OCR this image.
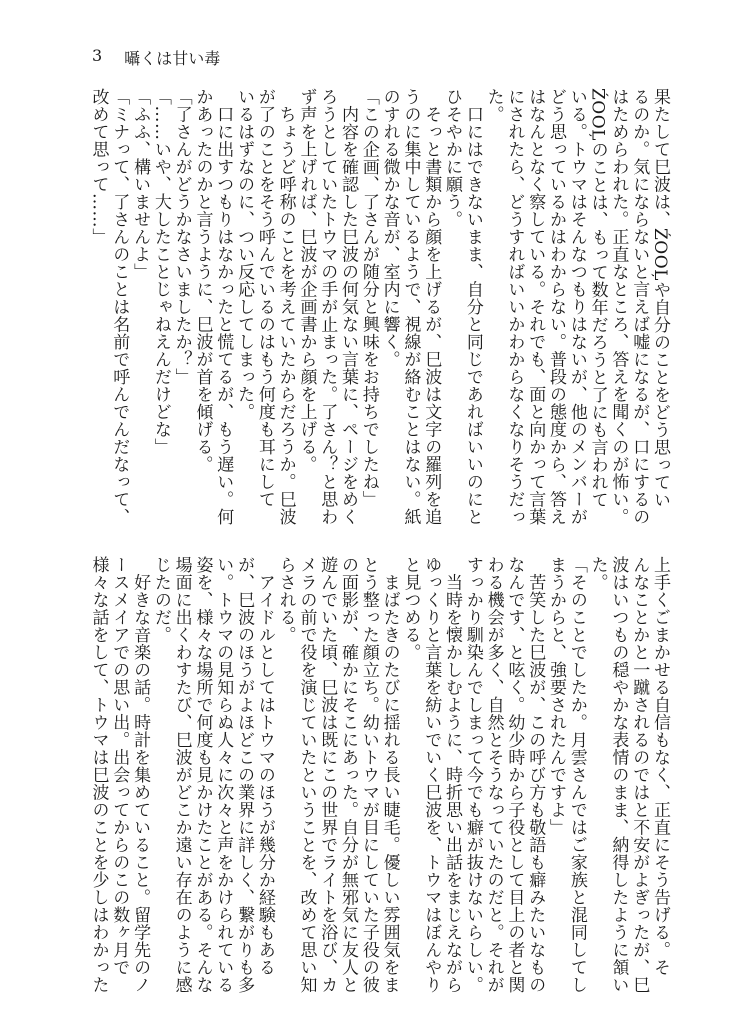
3 囁くは甘い毒
果たして巳波は、ŹOOĻや自分のことをどう思ってい
るのか。気にならないと言えば嘘になるが、口にするの
はためらわれた。正直なところ、答えを聞くのが怖い。
ŹOOĻのことは、もって数年だろうと了にも言われて
いる。トウマはそんなつもりはないが、他のメンバーが
どう思っているかはわからない。普段の態度から、答え
はなんとなく察している。それでも、面と向かって言葉
にされたら、どうすればいいかわからなくなりそうだっ
た。
　口にはできないまま、自分と同じであればいいのにと
ひそやかに願う。
　そっと書類から顔を上げるが、巳波は文字の羅列を追
うのに集中しているようで、視線が絡むことはない。紙
のすれる微かな音が、室内に響く。
「この企画、了さんが随分と興味をお持ちでしたね」
　内容を確認した巳波の何気ない言葉に、ページをめく
ろうとしていたトウマの手が止まった。了さん？と思わ
ず声を上げれば、巳波が企画書から顔を上げる。
　ちょうど呼称のことを考えていたからだろうか。巳波
が了のことをそう呼んでいるのはもう何度も耳にして
いるはずなのに、つい反応してしまった。
　口に出すつもりはなかったと慌てるが、もう遅い。何
かあったのかと言うように、巳波が首を傾げる。
「了さんがどうかなさいましたか？」
「……いや、大したことじゃねえんだけどな」
「ふふ、構いませんよ」
「ミナって、了さんのことは名前で呼んでんだなって、
改めて思って……」
上手くごまかせる自信もなく、正直にそう告げる。そ
んなことかと一蹴されるのではと不安がよぎったが、巳
波はいつもの穏やかな表情のまま、納得したように頷い
た。
「そのことでしたか。月雲さんではご家族と混同してし
まうからと、強要されたんですよ」
　苦笑した巳波が、この呼び方も敬語も癖みたいなもの
なんです、と呟く。幼少時から子役として目上の者と関
わる機会が多く、自然とそうなっていたのだと。それが
すっかり馴染んでしまって今でも癖が抜けないらしい。
　当時を懐かしむように、時折思い出話をまじえながら
ゆっくりと言葉を紡いでいく巳波を、トウマはぼんやり
と見つめる。
　まばたきのたびに揺れる長い睫毛。優しい雰囲気をま
とう整った顔立ち。幼いトウマが目にしていた子役の彼
の面影が、確かにそこにあった。自分が無邪気に友人と
遊んでいた頃、巳波は既にこの世界でライトを浴び、カ
メラの前で役を演じていたということを、改めて思い知
らされる。
　アイドルとしてはトウマのほうが幾分か経験もある
が、巳波のほうがよほどこの業界に詳しく、繋がりも多
い。トウマの見知らぬ人々に次々と声をかけられている
姿を、様々な場所で何度も見かけたことがある。そんな
場面に出くわすたび、巳波がどこか遠い存在のように感
じたのだ。
　好きな音楽の話。時計を集めていること。留学先のノ
ースメイアでの思い出。出会ってからのこの数ヶ月で
様々な話をして、トウマは巳波のことを少しはわかった
